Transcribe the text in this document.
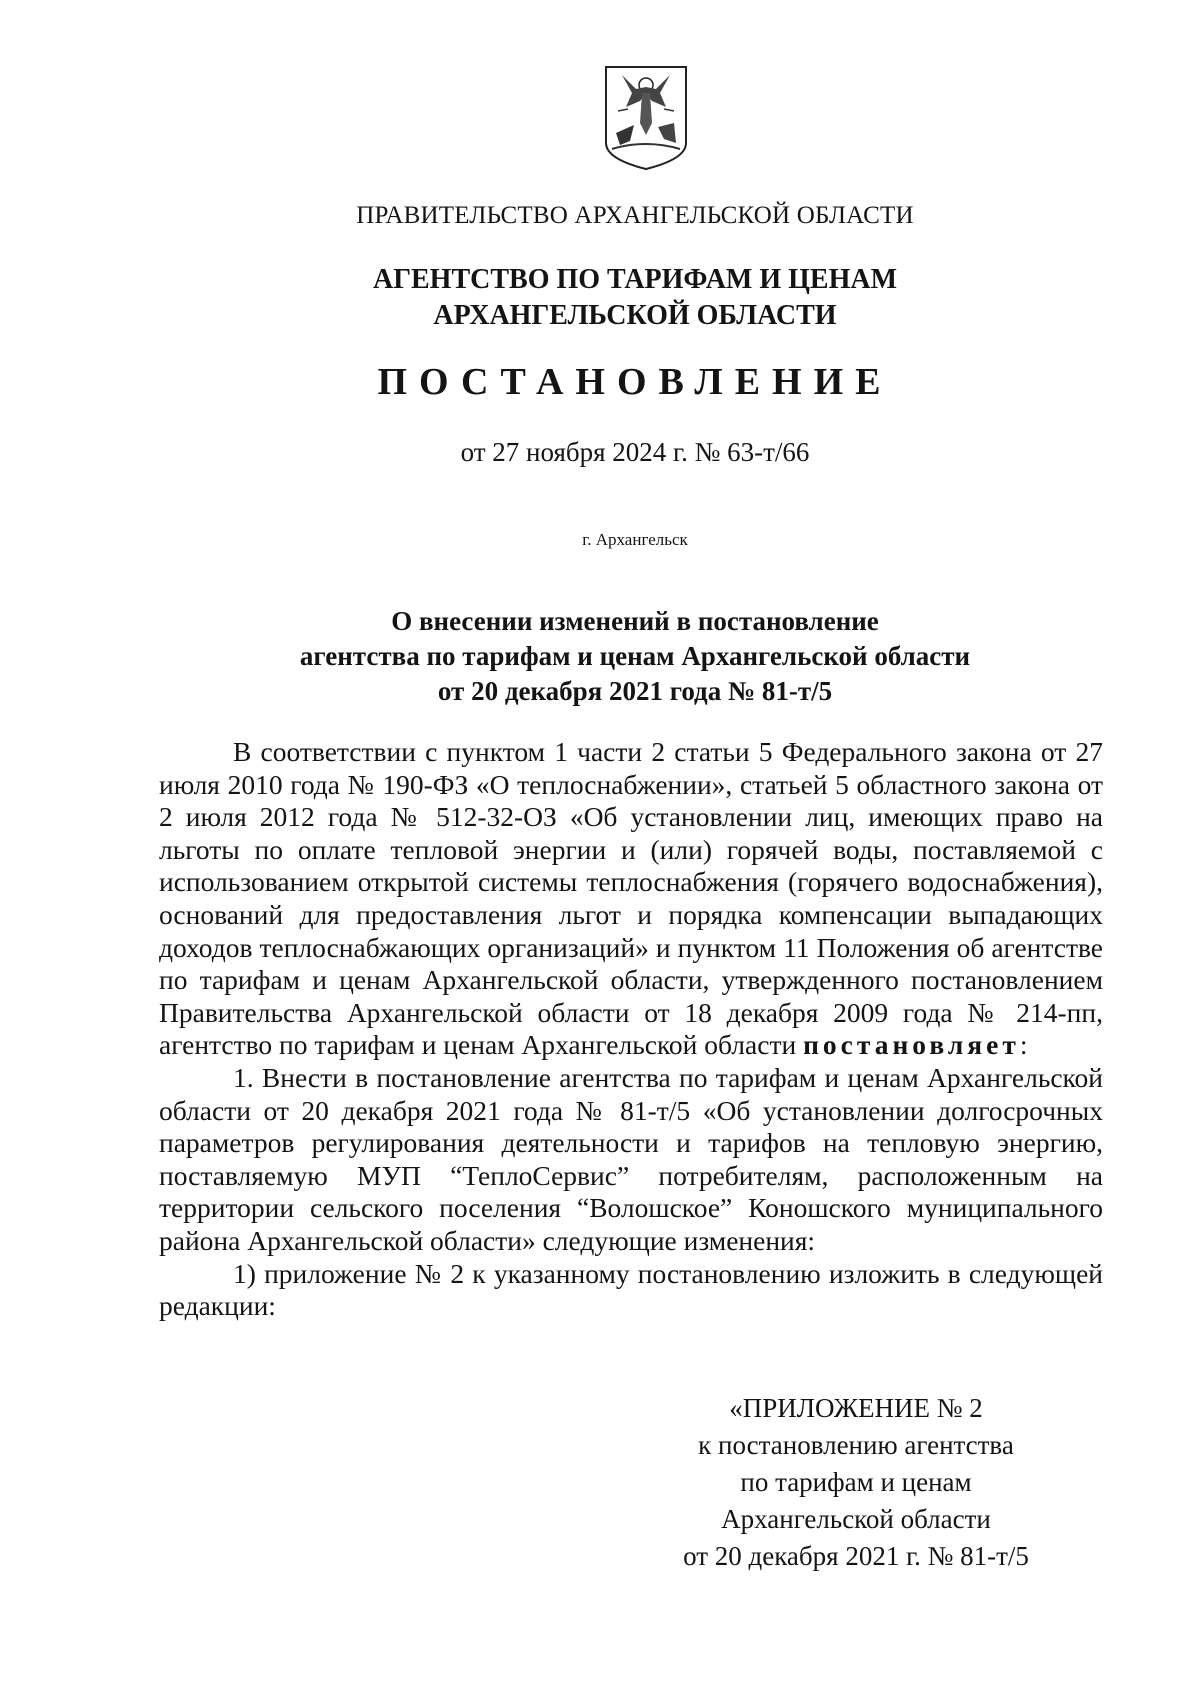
ПРАВИТЕЛЬСТВО АРХАНГЕЛЬСКОЙ ОБЛАСТИ
АГЕНТСТВО ПО ТАРИФАМ И ЦЕНАМ
АРХАНГЕЛЬСКОЙ ОБЛАСТИ
ПОСТАНОВЛЕНИЕ
от 27 ноября 2024 г. № 63-т/66
г. Архангельск
О внесении изменений в постановление
агентства по тарифам и ценам Архангельской области
от 20 декабря 2021 года № 81-т/5

В соответствии с пунктом 1 части 2 статьи 5 Федерального закона от 27 июля 2010 года № 190-ФЗ «О теплоснабжении», статьей 5 областного закона от 2 июля 2012 года № 512-32-ОЗ «Об установлении лиц, имеющих право на льготы по оплате тепловой энергии и (или) горячей воды, поставляемой с использованием открытой системы теплоснабжения (горячего водоснабжения), оснований для предоставления льгот и порядка компенсации выпадающих доходов теплоснабжающих организаций» и пунктом 11 Положения об агентстве по тарифам и ценам Архангельской области, утвержденного постановлением Правительства Архангельской области от 18 декабря 2009 года № 214-пп, агентство по тарифам и ценам Архангельской области постановляет:

1. Внести в постановление агентства по тарифам и ценам Архангельской области от 20 декабря 2021 года № 81-т/5 «Об установлении долгосрочных параметров регулирования деятельности и тарифов на тепловую энергию, поставляемую МУП “ТеплоСервис” потребителям, расположенным на территории сельского поселения “Волошское” Коношского муниципального района Архангельской области» следующие изменения:

1) приложение № 2 к указанному постановлению изложить в следующей редакции:

«ПРИЛОЖЕНИЕ № 2
к постановлению агентства
по тарифам и ценам
Архангельской области
от 20 декабря 2021 г. № 81-т/5
